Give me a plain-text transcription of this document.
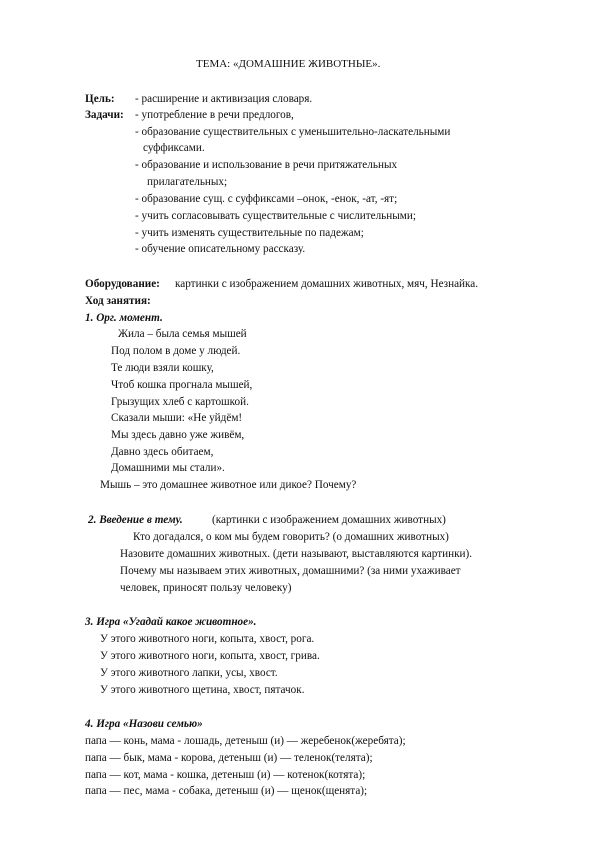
ТЕМА: «ДОМАШНИЕ ЖИВОТНЫЕ».
Цель: - расширение и активизация словаря.
Задачи: - употребление в речи предлогов,
- образование существительных с уменьшительно-ласкательными
суффиксами.
- образование и использование в речи притяжательных
прилагательных;
- образование сущ. с суффиксами –онок, -енок, -ат, -ят;
- учить согласовывать существительные с числительными;
- учить изменять существительные по падежам;
- обучение описательному рассказу.
Оборудование: картинки с изображением домашних животных, мяч, Незнайка.
Ход занятия:
1. Орг. момент.
Жила – была семья мышей
Под полом в доме у людей.
Те люди взяли кошку,
Чтоб кошка прогнала мышей,
Грызущих хлеб с картошкой.
Сказали мыши: «Не уйдём!
Мы здесь давно уже живём,
Давно здесь обитаем,
Домашними мы стали».
Мышь – это домашнее животное или дикое? Почему?
2. Введение в тему.	(картинки с изображением домашних животных)
Кто догадался, о ком мы будем говорить? (о домашних животных)
Назовите домашних животных. (дети называют, выставляются картинки).
Почему мы называем этих животных, домашними? (за ними ухаживает
человек, приносят пользу человеку)
3. Игра «Угадай какое животное».
У этого животного ноги, копыта, хвост, рога.
У этого животного ноги, копыта, хвост, грива.
У этого животного лапки, усы, хвост.
У этого животного щетина, хвост, пятачок.
4. Игра «Назови семью»
папа — конь, мама - лошадь, детеныш (и) — жеребенок(жеребята);
папа — бык, мама - корова, детеныш (и) — теленок(телята);
папа — кот, мама - кошка, детеныш (и) — котенок(котята);
папа — пес, мама - собака, детеныш (и) — щенок(щенята);
